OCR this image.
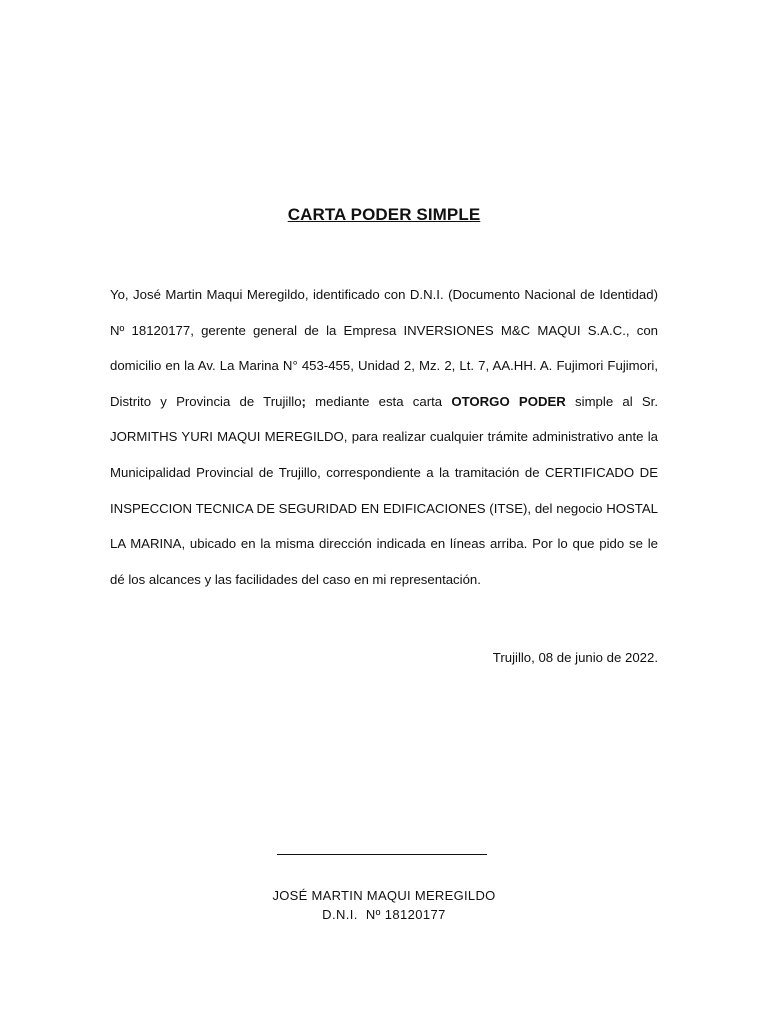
CARTA PODER SIMPLE

Yo, José Martin Maqui Meregildo, identificado con D.N.I. (Documento Nacional de Identidad) Nº 18120177, gerente general de la Empresa INVERSIONES M&C MAQUI S.A.C., con domicilio en la Av. La Marina N° 453-455, Unidad 2, Mz. 2, Lt. 7, AA.HH. A. Fujimori Fujimori, Distrito y Provincia de Trujillo; mediante esta carta OTORGO PODER simple al Sr. JORMITHS YURI MAQUI MEREGILDO, para realizar cualquier trámite administrativo ante la Municipalidad Provincial de Trujillo, correspondiente a la tramitación de CERTIFICADO DE INSPECCION TECNICA DE SEGURIDAD EN EDIFICACIONES (ITSE), del negocio HOSTAL LA MARINA, ubicado en la misma dirección indicada en líneas arriba. Por lo que pido se le dé los alcances y las facilidades del caso en mi representación.

Trujillo, 08 de junio de 2022.
JOSÉ MARTIN MAQUI MEREGILDO
D.N.I.  Nº 18120177
